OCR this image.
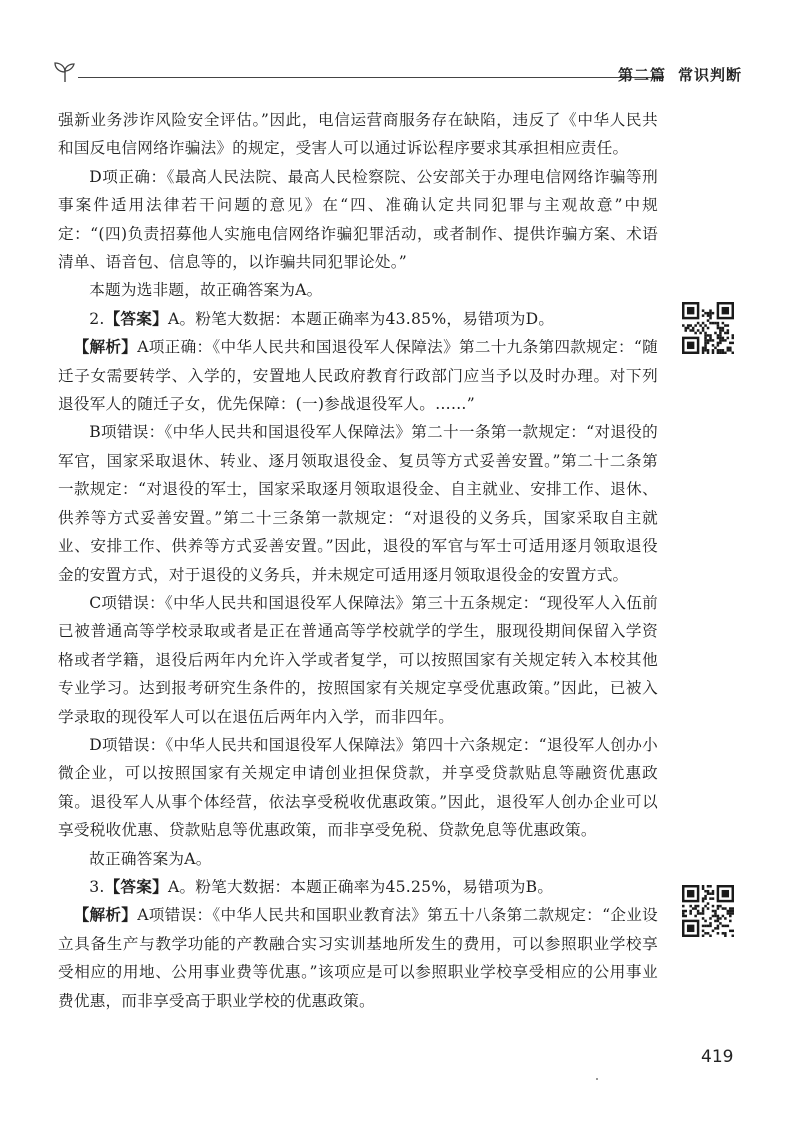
第二篇 常识判断

强新业务涉诈风险安全评估。”因此，电信运营商服务存在缺陷，违反了《中华人民共和国反电信网络诈骗法》的规定，受害人可以通过诉讼程序要求其承担相应责任。

D项正确：《最高人民法院、最高人民检察院、公安部关于办理电信网络诈骗等刑事案件适用法律若干问题的意见》在“四、准确认定共同犯罪与主观故意”中规定：“(四)负责招募他人实施电信网络诈骗犯罪活动，或者制作、提供诈骗方案、术语清单、语音包、信息等的，以诈骗共同犯罪论处。”

本题为选非题，故正确答案为A。

2.【答案】A。粉笔大数据：本题正确率为43.85%，易错项为D。

【解析】A项正确：《中华人民共和国退役军人保障法》第二十九条第四款规定：“随迁子女需要转学、入学的，安置地人民政府教育行政部门应当予以及时办理。对下列退役军人的随迁子女，优先保障：(一)参战退役军人。……”

B项错误：《中华人民共和国退役军人保障法》第二十一条第一款规定：“对退役的军官，国家采取退休、转业、逐月领取退役金、复员等方式妥善安置。”第二十二条第一款规定：“对退役的军士，国家采取逐月领取退役金、自主就业、安排工作、退休、供养等方式妥善安置。”第二十三条第一款规定：“对退役的义务兵，国家采取自主就业、安排工作、供养等方式妥善安置。”因此，退役的军官与军士可适用逐月领取退役金的安置方式，对于退役的义务兵，并未规定可适用逐月领取退役金的安置方式。

C项错误：《中华人民共和国退役军人保障法》第三十五条规定：“现役军人入伍前已被普通高等学校录取或者是正在普通高等学校就学的学生，服现役期间保留入学资格或者学籍，退役后两年内允许入学或者复学，可以按照国家有关规定转入本校其他专业学习。达到报考研究生条件的，按照国家有关规定享受优惠政策。”因此，已被入学录取的现役军人可以在退伍后两年内入学，而非四年。

D项错误：《中华人民共和国退役军人保障法》第四十六条规定：“退役军人创办小微企业，可以按照国家有关规定申请创业担保贷款，并享受贷款贴息等融资优惠政策。退役军人从事个体经营，依法享受税收优惠政策。”因此，退役军人创办企业可以享受税收优惠、贷款贴息等优惠政策，而非享受免税、贷款免息等优惠政策。

故正确答案为A。

3.【答案】A。粉笔大数据：本题正确率为45.25%，易错项为B。

【解析】A项错误：《中华人民共和国职业教育法》第五十八条第二款规定：“企业设立具备生产与教学功能的产教融合实习实训基地所发生的费用，可以参照职业学校享受相应的用地、公用事业费等优惠。”该项应是可以参照职业学校享受相应的公用事业费优惠，而非享受高于职业学校的优惠政策。

419
